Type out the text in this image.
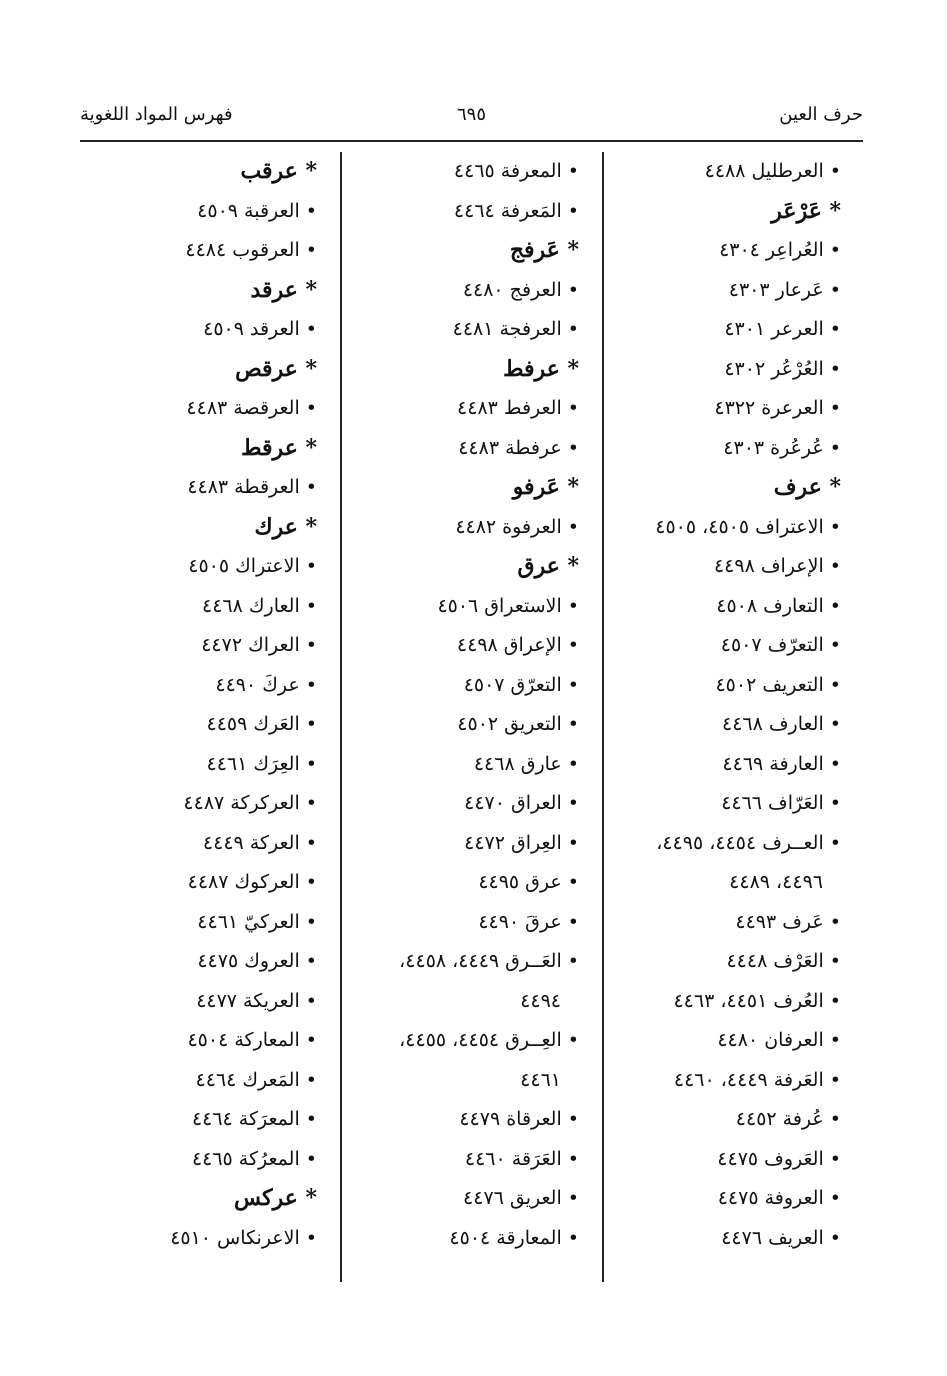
حرف العين
٦٩٥
فهرس المواد اللغوية
• العرطليل ٤٤٨٨
* عَرْعَر
• العُراعِر ٤٣٠٤
• عَرعار ٤٣٠٣
• العرعر ٤٣٠١
• العُرْعُر ٤٣٠٢
• العرعرة ٤٣٢٢
• عُرعُرة ٤٣٠٣
* عرف
• الاعتراف ٤٥٠٥، ٤٥٠٥
• الإعراف ٤٤٩٨
• التعارف ٤٥٠٨
• التعرّف ٤٥٠٧
• التعريف ٤٥٠٢
• العارف ٤٤٦٨
• العارفة ٤٤٦٩
• العَرّاف ٤٤٦٦
• العــرف ٤٤٥٤، ٤٤٩٥،
٤٤٩٦، ٤٤٨٩
• عَرف ٤٤٩٣
• العَرْف ٤٤٤٨
• العُرف ٤٤٥١، ٤٤٦٣
• العرفان ٤٤٨٠
• العَرفة ٤٤٤٩، ٤٤٦٠
• عُرفة ٤٤٥٢
• العَروف ٤٤٧٥
• العروفة ٤٤٧٥
• العريف ٤٤٧٦
• المعرفة ٤٤٦٥
• المَعرفة ٤٤٦٤
* عَرفج
• العرفج ٤٤٨٠
• العرفجة ٤٤٨١
* عرفط
• العرفط ٤٤٨٣
• عرفطة ٤٤٨٣
* عَرفو
• العرفوة ٤٤٨٢
* عرق
• الاستعراق ٤٥٠٦
• الإعراق ٤٤٩٨
• التعرّق ٤٥٠٧
• التعريق ٤٥٠٢
• عارق ٤٤٦٨
• العراق ٤٤٧٠
• العِراق ٤٤٧٢
• عرق ٤٤٩٥
• عرقَ ٤٤٩٠
• العَــرق ٤٤٤٩، ٤٤٥٨،
٤٤٩٤
• العِــرق ٤٤٥٤، ٤٤٥٥،
٤٤٦١
• العرقاة ٤٤٧٩
• العَرَقة ٤٤٦٠
• العريق ٤٤٧٦
• المعارقة ٤٥٠٤
* عرقب
• العرقبة ٤٥٠٩
• العرقوب ٤٤٨٤
* عرقد
• العرقد ٤٥٠٩
* عرقص
• العرقصة ٤٤٨٣
* عرقط
• العرقطة ٤٤٨٣
* عرك
• الاعتراك ٤٥٠٥
• العارك ٤٤٦٨
• العراك ٤٤٧٢
• عركَ ٤٤٩٠
• العَرك ٤٤٥٩
• العِرَك ٤٤٦١
• العركركة ٤٤٨٧
• العركة ٤٤٤٩
• العركوك ٤٤٨٧
• العركيّ ٤٤٦١
• العروك ٤٤٧٥
• العريكة ٤٤٧٧
• المعاركة ٤٥٠٤
• المَعرك ٤٤٦٤
• المعرَكة ٤٤٦٤
• المعرُكة ٤٤٦٥
* عركس
• الاعرنكاس ٤٥١٠
